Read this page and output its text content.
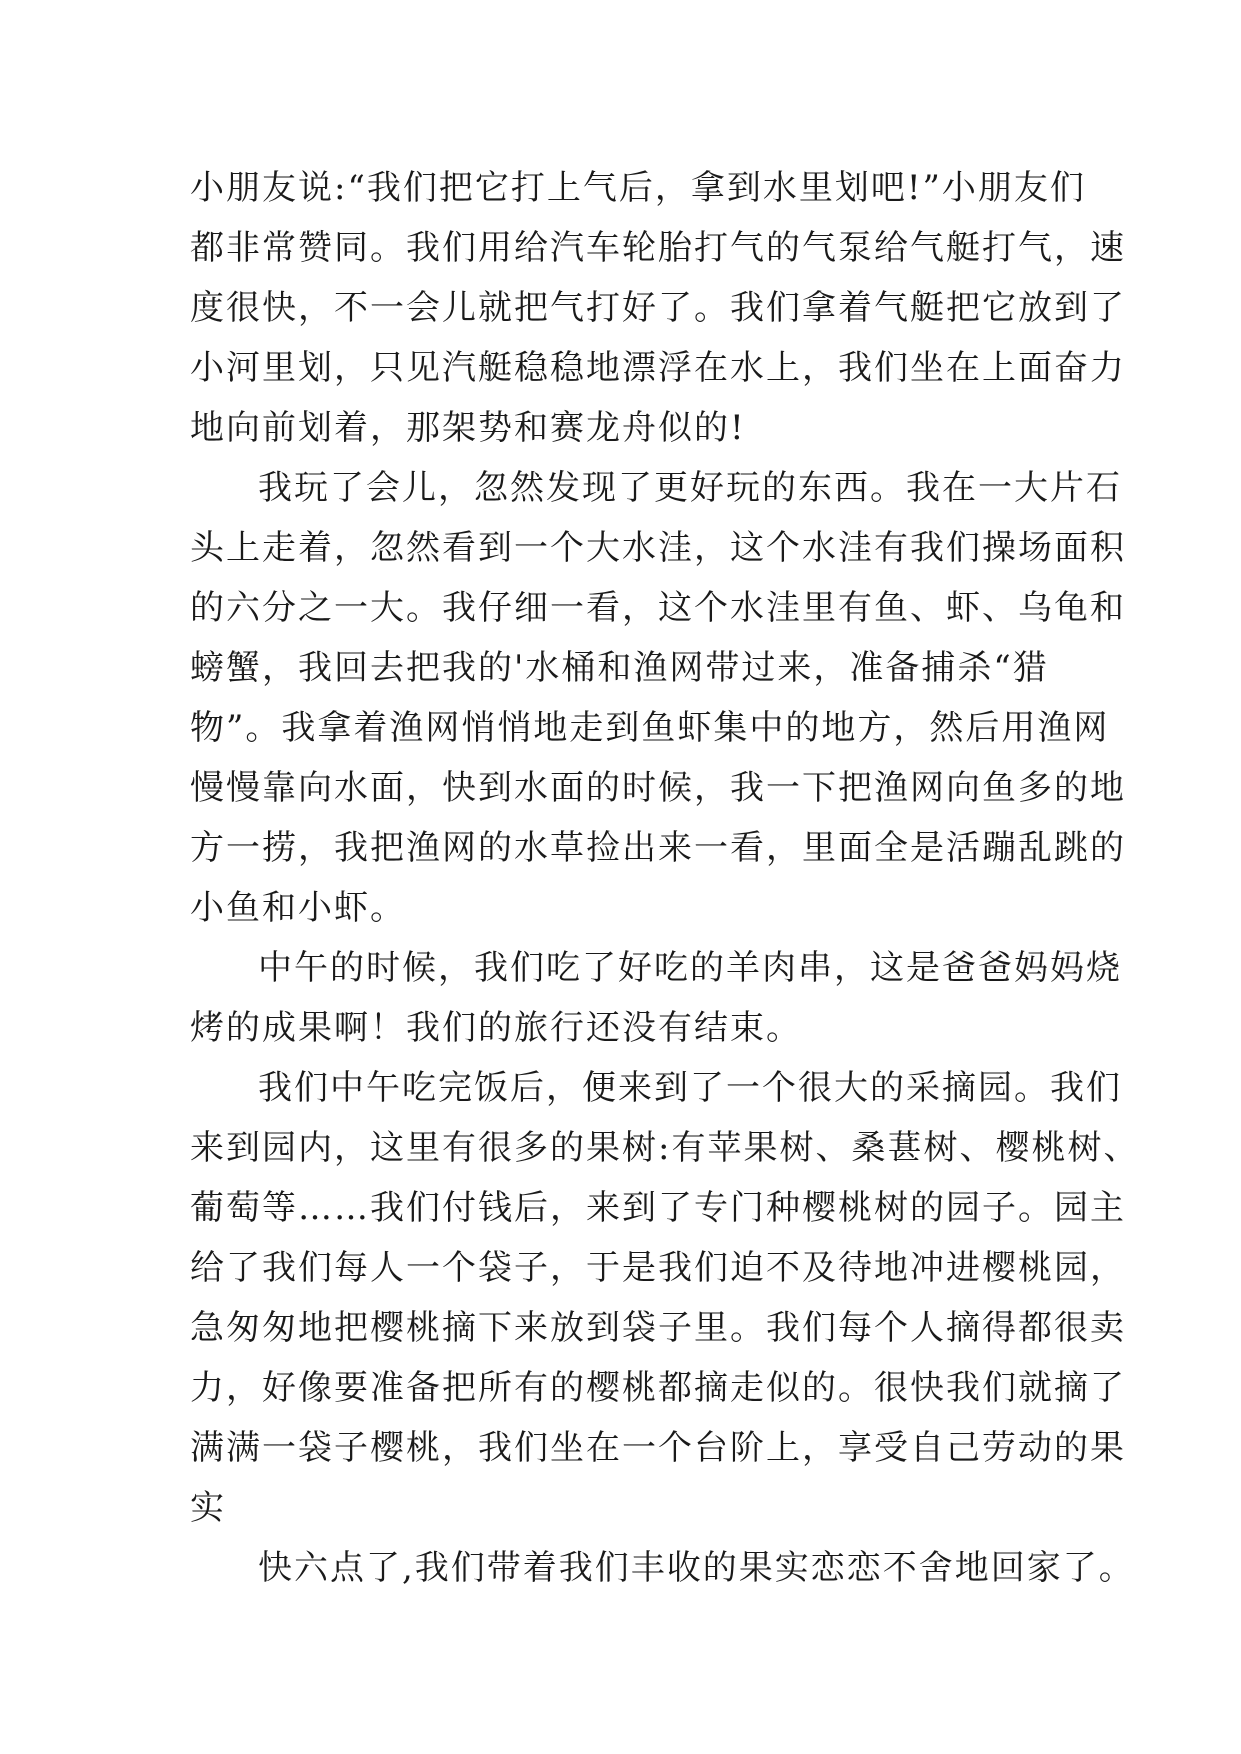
小朋友说:“我们把它打上气后，拿到水里划吧!”小朋友们
都非常赞同。我们用给汽车轮胎打气的气泵给气艇打气，速
度很快，不一会儿就把气打好了。我们拿着气艇把它放到了
小河里划，只见汽艇稳稳地漂浮在水上，我们坐在上面奋力
地向前划着，那架势和赛龙舟似的!
我玩了会儿，忽然发现了更好玩的东西。我在一大片石
头上走着，忽然看到一个大水洼，这个水洼有我们操场面积
的六分之一大。我仔细一看，这个水洼里有鱼、虾、乌龟和
螃蟹，我回去把我的'水桶和渔网带过来，准备捕杀“猎
物”。我拿着渔网悄悄地走到鱼虾集中的地方，然后用渔网
慢慢靠向水面，快到水面的时候，我一下把渔网向鱼多的地
方一捞，我把渔网的水草捡出来一看，里面全是活蹦乱跳的
小鱼和小虾。
中午的时候，我们吃了好吃的羊肉串，这是爸爸妈妈烧
烤的成果啊！我们的旅行还没有结束。
我们中午吃完饭后，便来到了一个很大的采摘园。我们
来到园内，这里有很多的果树:有苹果树、桑葚树、樱桃树、
葡萄等……我们付钱后，来到了专门种樱桃树的园子。园主
给了我们每人一个袋子，于是我们迫不及待地冲进樱桃园，
急匆匆地把樱桃摘下来放到袋子里。我们每个人摘得都很卖
力，好像要准备把所有的樱桃都摘走似的。很快我们就摘了
满满一袋子樱桃，我们坐在一个台阶上，享受自己劳动的果
实
快六点了,我们带着我们丰收的果实恋恋不舍地回家了。
